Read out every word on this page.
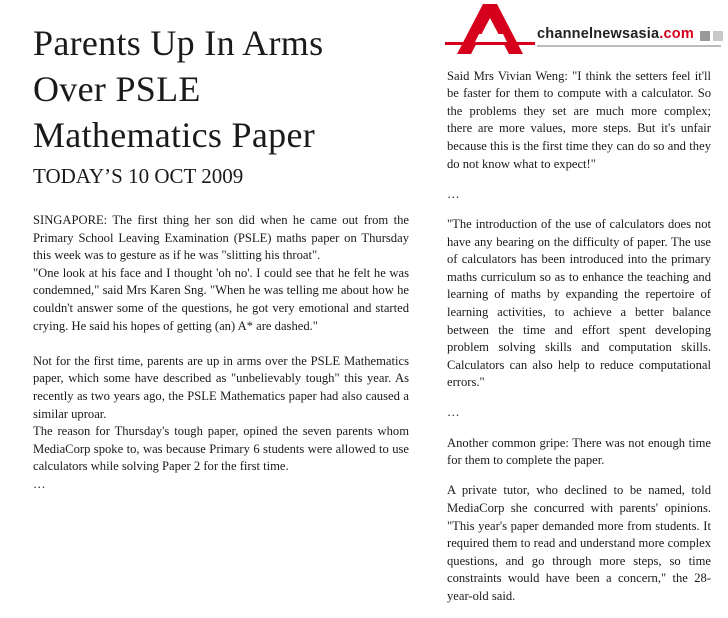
Parents Up In Arms
Over PSLE
Mathematics Paper
TODAY’S 10 OCT 2009

SINGAPORE: The first thing her son did when he came out from the Primary School Leaving Examination (PSLE) maths paper on Thursday this week was to gesture as if he was "slitting his throat".

"One look at his face and I thought 'oh no'. I could see that he felt he was condemned," said Mrs Karen Sng. "When he was telling me about how he couldn't answer some of the questions, he got very emotional and started crying. He said his hopes of getting (an) A* are dashed."

Not for the first time, parents are up in arms over the PSLE Mathematics paper, which some have described as "unbelievably tough" this year. As recently as two years ago, the PSLE Mathematics paper had also caused a similar uproar.

The reason for Thursday's tough paper, opined the seven parents whom MediaCorp spoke to, was because Primary 6 students were allowed to use calculators while solving Paper 2 for the first time.

…

channelnewsasia.com

Said Mrs Vivian Weng: "I think the setters feel it'll be faster for them to compute with a calculator. So the problems they set are much more complex; there are more values, more steps. But it's unfair because this is the first time they can do so and they do not know what to expect!"

…

"The introduction of the use of calculators does not have any bearing on the difficulty of paper. The use of calculators has been introduced into the primary maths curriculum so as to enhance the teaching and learning of maths by expanding the repertoire of learning activities, to achieve a better balance between the time and effort spent developing problem solving skills and computation skills. Calculators can also help to reduce computational errors."

…

Another common gripe: There was not enough time for them to complete the paper.

A private tutor, who declined to be named, told MediaCorp she concurred with parents' opinions. "This year's paper demanded more from students. It required them to read and understand more complex questions, and go through more steps, so time constraints would have been a concern," the 28-year-old said.
